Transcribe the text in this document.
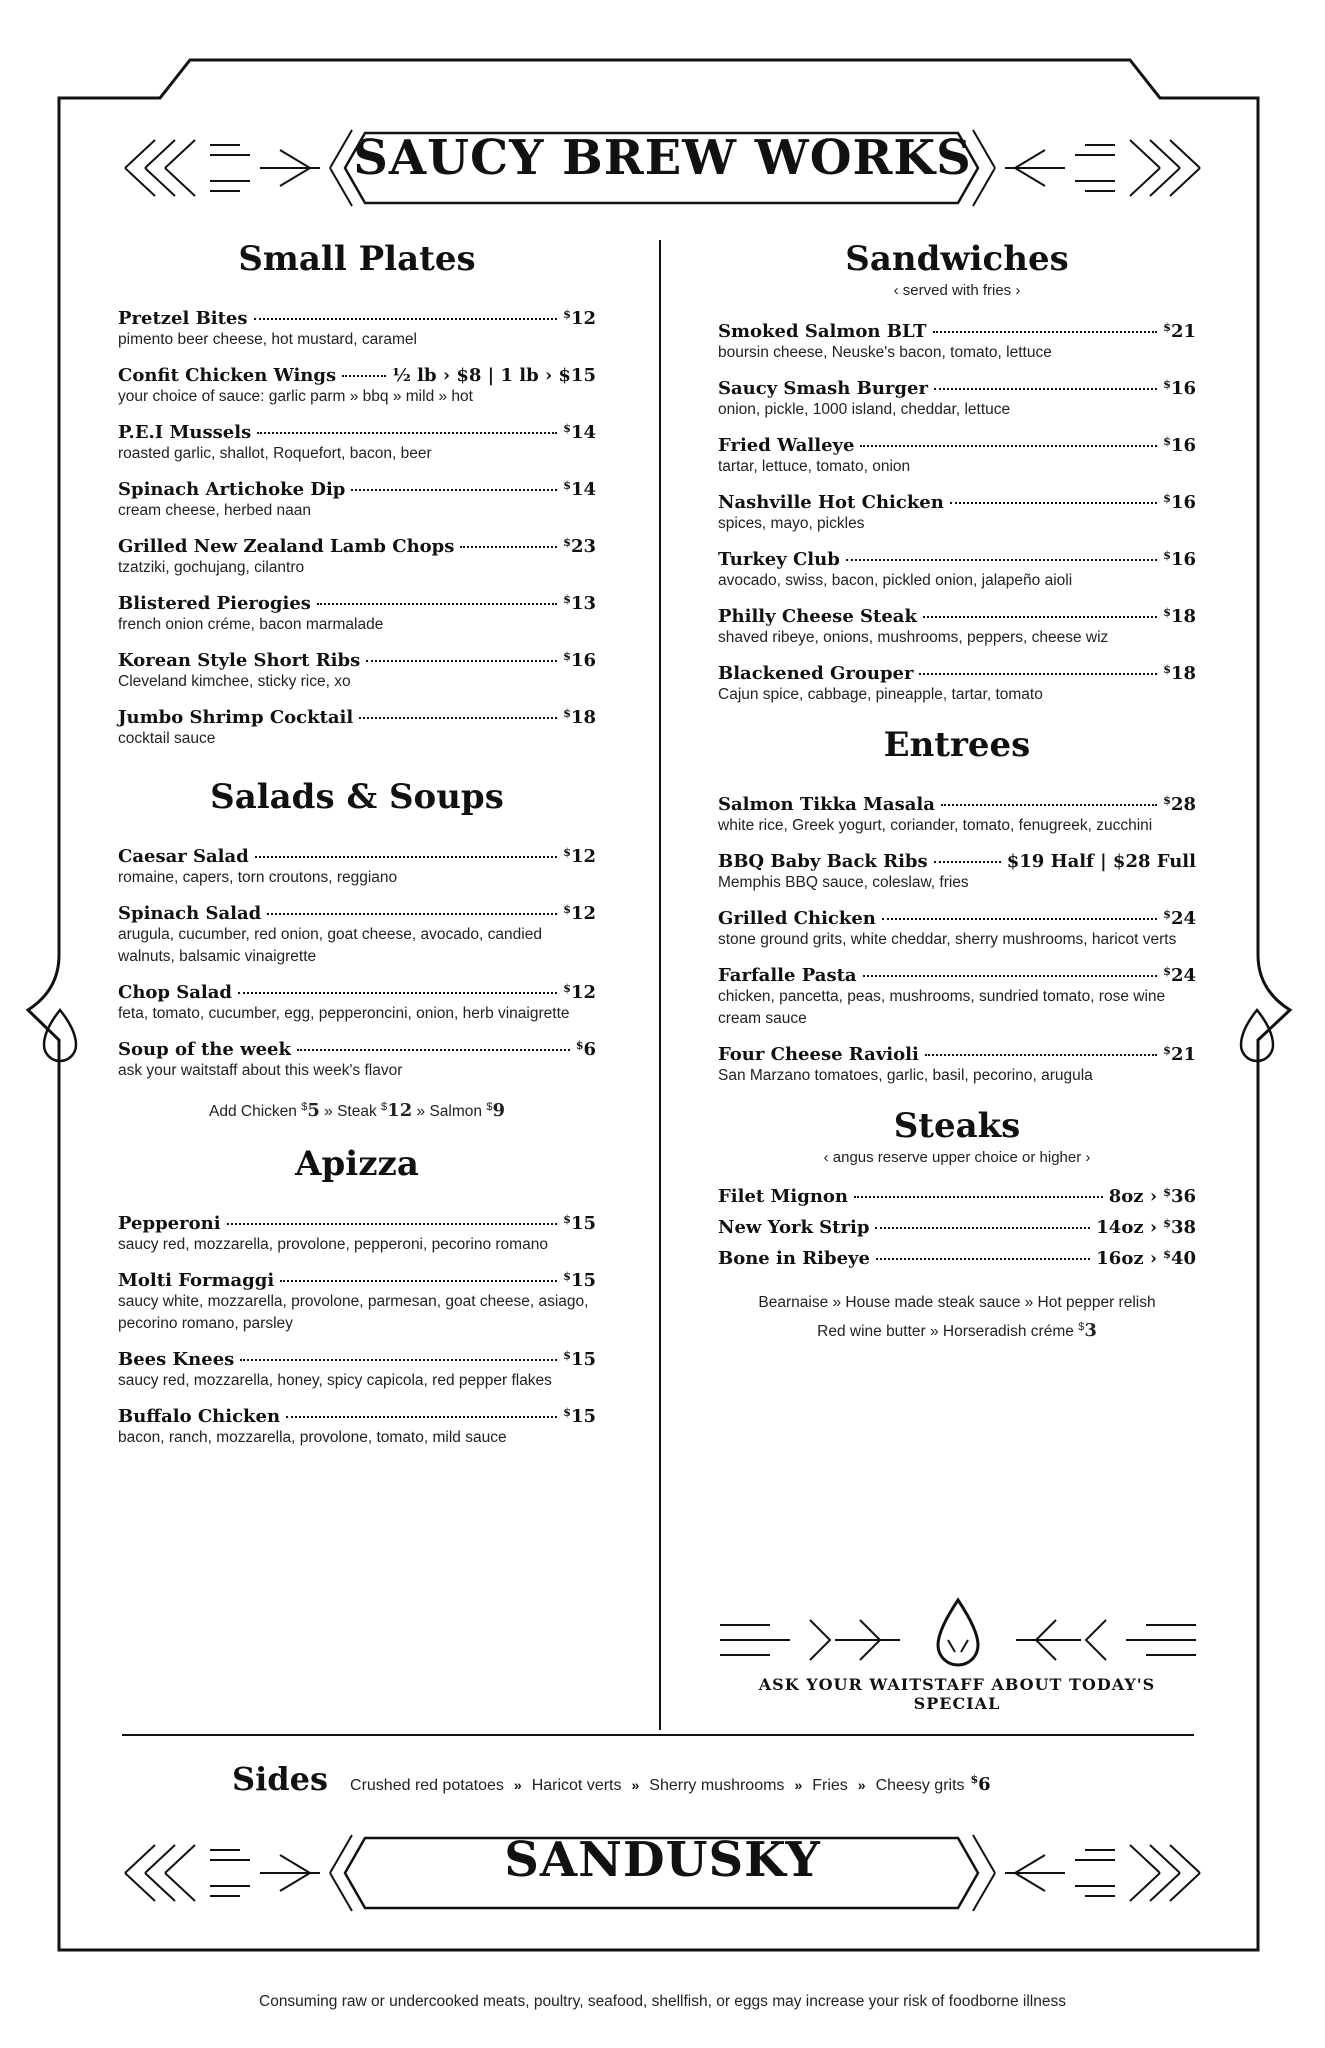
SAUCY BREW WORKS
Small Plates
Pretzel Bites	$12
pimento beer cheese, hot mustard, caramel
Confit Chicken Wings	½ lb › $8 | 1 lb › $15
your choice of sauce: garlic parm » bbq » mild » hot
P.E.I Mussels	$14
roasted garlic, shallot, Roquefort, bacon, beer
Spinach Artichoke Dip	$14
cream cheese, herbed naan
Grilled New Zealand Lamb Chops	$23
tzatziki, gochujang, cilantro
Blistered Pierogies	$13
french onion créme, bacon marmalade
Korean Style Short Ribs	$16
Cleveland kimchee, sticky rice, xo
Jumbo Shrimp Cocktail	$18
cocktail sauce
Salads & Soups
Caesar Salad	$12
romaine, capers, torn croutons, reggiano
Spinach Salad	$12
arugula, cucumber, red onion, goat cheese, avocado, candied walnuts, balsamic vinaigrette
Chop Salad	$12
feta, tomato, cucumber, egg, pepperoncini, onion, herb vinaigrette
Soup of the week	$6
ask your waitstaff about this week's flavor
Add Chicken $5 » Steak $12 » Salmon $9
Apizza
Pepperoni	$15
saucy red, mozzarella, provolone, pepperoni, pecorino romano
Molti Formaggi	$15
saucy white, mozzarella, provolone, parmesan, goat cheese, asiago, pecorino romano, parsley
Bees Knees	$15
saucy red, mozzarella, honey, spicy capicola, red pepper flakes
Buffalo Chicken	$15
bacon, ranch, mozzarella, provolone, tomato, mild sauce
Sandwiches
‹ served with fries ›
Smoked Salmon BLT	$21
boursin cheese, Neuske's bacon, tomato, lettuce
Saucy Smash Burger	$16
onion, pickle, 1000 island, cheddar, lettuce
Fried Walleye	$16
tartar, lettuce, tomato, onion
Nashville Hot Chicken	$16
spices, mayo, pickles
Turkey Club	$16
avocado, swiss, bacon, pickled onion, jalapeño aioli
Philly Cheese Steak	$18
shaved ribeye, onions, mushrooms, peppers, cheese wiz
Blackened Grouper	$18
Cajun spice, cabbage, pineapple, tartar, tomato
Entrees
Salmon Tikka Masala	$28
white rice, Greek yogurt, coriander, tomato, fenugreek, zucchini
BBQ Baby Back Ribs	$19 Half | $28 Full
Memphis BBQ sauce, coleslaw, fries
Grilled Chicken	$24
stone ground grits, white cheddar, sherry mushrooms, haricot verts
Farfalle Pasta	$24
chicken, pancetta, peas, mushrooms, sundried tomato, rose wine cream sauce
Four Cheese Ravioli	$21
San Marzano tomatoes, garlic, basil, pecorino, arugula
Steaks
‹ angus reserve upper choice or higher ›
Filet Mignon	8oz › $36
New York Strip	14oz › $38
Bone in Ribeye	16oz › $40
Bearnaise » House made steak sauce » Hot pepper relish
Red wine butter » Horseradish créme $3
ASK YOUR WAITSTAFF ABOUT TODAY'S SPECIAL
Sides Crushed red potatoes » Haricot verts » Sherry mushrooms » Fries » Cheesy grits $6
SANDUSKY
Consuming raw or undercooked meats, poultry, seafood, shellfish, or eggs may increase your risk of foodborne illness
